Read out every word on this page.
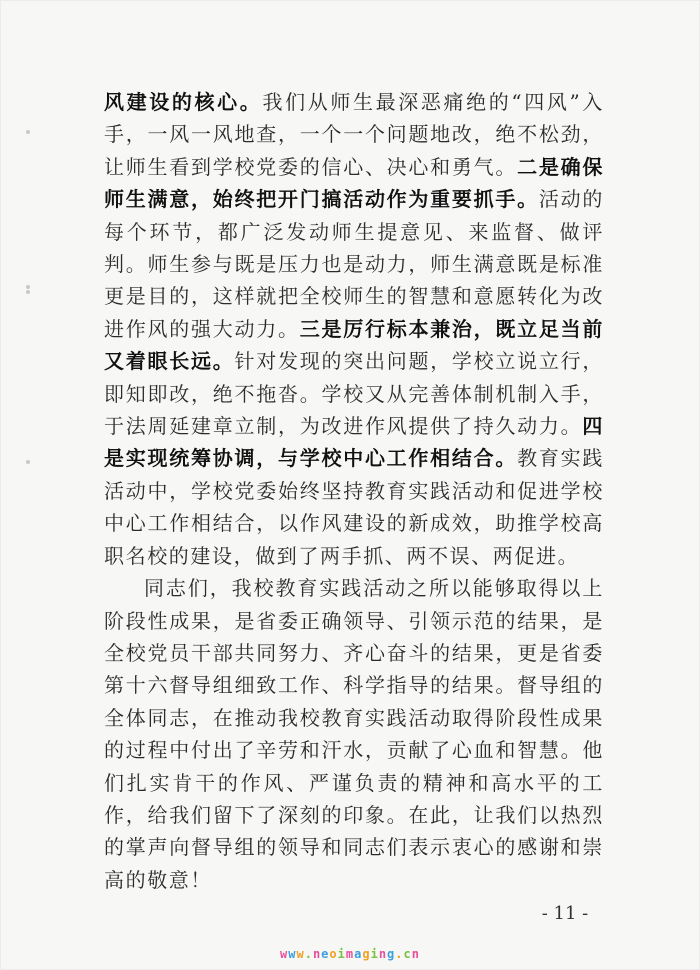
风建设的核心。我们从师生最深恶痛绝的“四风”入手，一风一风地查，一个一个问题地改，绝不松劲，让师生看到学校党委的信心、决心和勇气。二是确保师生满意，始终把开门搞活动作为重要抓手。活动的每个环节，都广泛发动师生提意见、来监督、做评判。师生参与既是压力也是动力，师生满意既是标准更是目的，这样就把全校师生的智慧和意愿转化为改进作风的强大动力。三是厉行标本兼治，既立足当前又着眼长远。针对发现的突出问题，学校立说立行，即知即改，绝不拖沓。学校又从完善体制机制入手，于法周延建章立制，为改进作风提供了持久动力。四是实现统筹协调，与学校中心工作相结合。教育实践活动中，学校党委始终坚持教育实践活动和促进学校中心工作相结合，以作风建设的新成效，助推学校高职名校的建设，做到了两手抓、两不误、两促进。

同志们，我校教育实践活动之所以能够取得以上阶段性成果，是省委正确领导、引领示范的结果，是全校党员干部共同努力、齐心奋斗的结果，更是省委第十六督导组细致工作、科学指导的结果。督导组的全体同志，在推动我校教育实践活动取得阶段性成果的过程中付出了辛劳和汗水，贡献了心血和智慧。他们扎实肯干的作风、严谨负责的精神和高水平的工作，给我们留下了深刻的印象。在此，让我们以热烈的掌声向督导组的领导和同志们表示衷心的感谢和崇高的敬意！

- 11 -
www.neoimaging.cn
